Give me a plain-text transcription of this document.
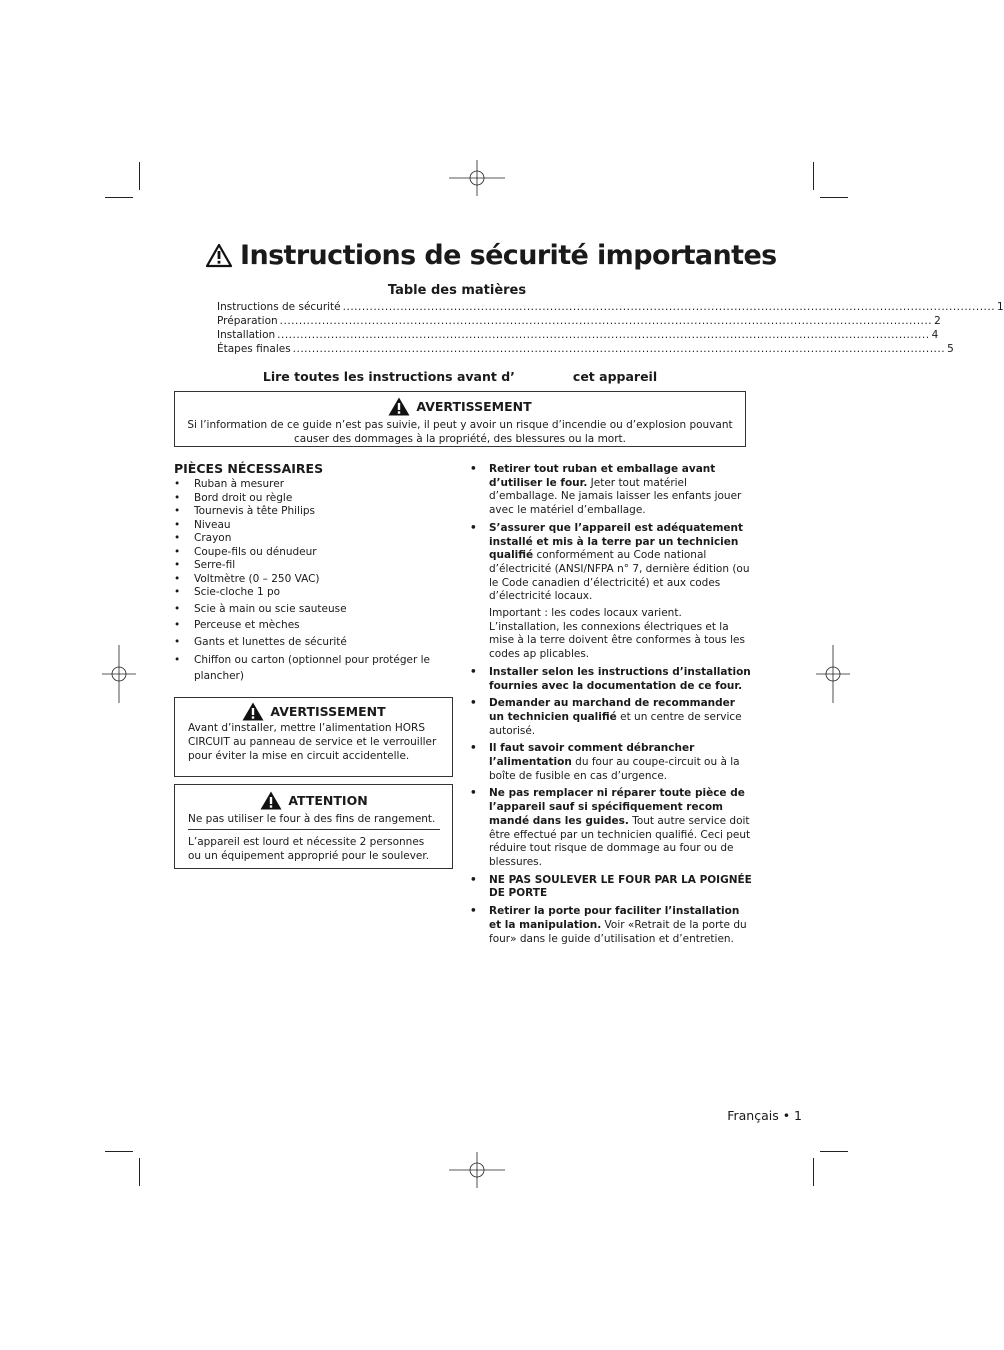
Instructions de sécurité importantes
Table des matières
Instructions de sécurité .......................................................................................................................................................................... 1
Préparation .......................................................................................................................................................................... 2
Installation .......................................................................................................................................................................... 4
Étapes finales .......................................................................................................................................................................... 5
Lire toutes les instructions avant d’	cet appareil
AVERTISSEMENT
Si l’information de ce guide n’est pas suivie, il peut y avoir un risque d’incendie ou d’explosion pouvant causer des dommages à la propriété, des blessures ou la mort.
PIÈCES NÉCESSAIRES
• Ruban à mesurer
• Bord droit ou règle
• Tournevis à tête Philips
• Niveau
• Crayon
• Coupe-fils ou dénudeur
• Serre-fil
• Voltmètre (0 – 250 VAC)
• Scie-cloche 1 po
• Scie à main ou scie sauteuse
• Perceuse et mèches
• Gants et lunettes de sécurité
• Chiffon ou carton (optionnel pour protéger le plancher)
AVERTISSEMENT
Avant d’installer, mettre l’alimentation HORS CIRCUIT au panneau de service et le verrouiller pour éviter la mise en circuit accidentelle.
ATTENTION
Ne pas utiliser le four à des fins de rangement.
L’appareil est lourd et nécessite 2 personnes ou un équipement approprié pour le soulever.
• Retirer tout ruban et emballage avant d’utiliser le four. Jeter tout matériel d’emballage. Ne jamais laisser les enfants jouer avec le matériel d’emballage.
• S’assurer que l’appareil est adéquatement installé et mis à la terre par un technicien qualifié conformément au Code national d’électricité (ANSI/NFPA n° 7, dernière édition (ou le Code canadien d’électricité) et aux codes d’électricité locaux.
Important : les codes locaux varient. L’installation, les connexions électriques et la mise à la terre doivent être conformes à tous les codes ap plicables.
• Installer selon les instructions d’installation fournies avec la documentation de ce four.
• Demander au marchand de recommander un technicien qualifié et un centre de service autorisé.
• Il faut savoir comment débrancher l’alimentation du four au coupe-circuit ou à la boîte de fusible en cas d’urgence.
• Ne pas remplacer ni réparer toute pièce de l’appareil sauf si spécifiquement recom mandé dans les guides. Tout autre service doit être effectué par un technicien qualifié. Ceci peut réduire tout risque de dommage au four ou de blessures.
• NE PAS SOULEVER LE FOUR PAR LA POIGNÉE DE PORTE
• Retirer la porte pour faciliter l’installation et la manipulation. Voir «Retrait de la porte du four» dans le guide d’utilisation et d’entretien.
Français • 1
